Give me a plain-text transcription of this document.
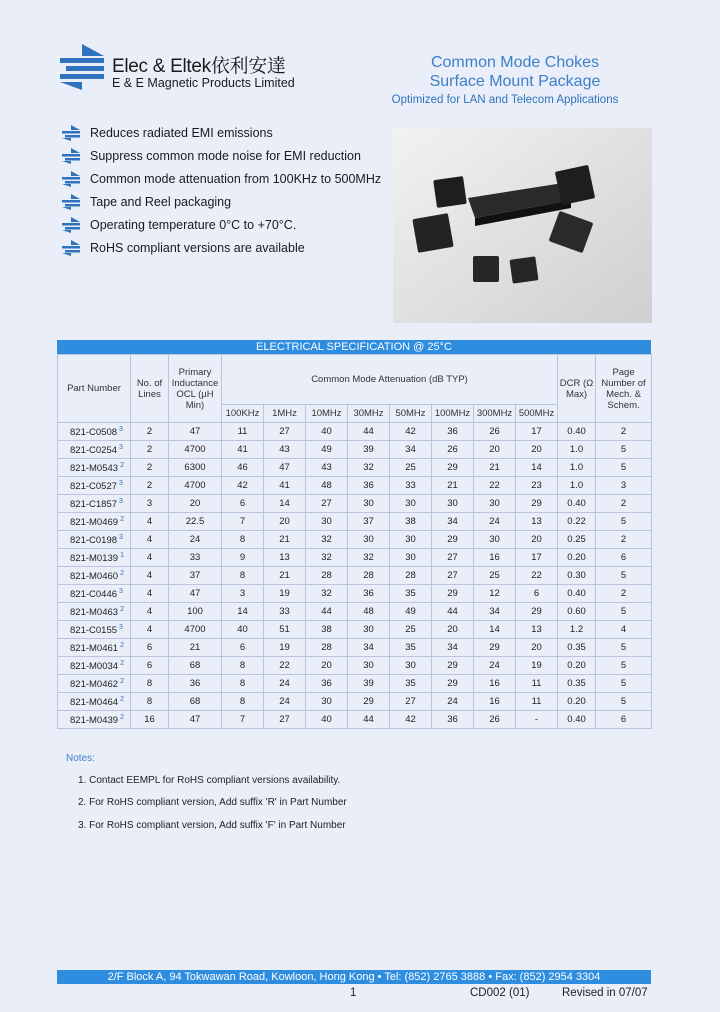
Elec & Eltek依利安達
E & E Magnetic Products Limited
Common Mode Chokes
Surface Mount Package
Optimized for LAN and Telecom Applications
Reduces radiated EMI emissions
Suppress common mode noise for EMI reduction
Common mode attenuation from 100KHz to 500MHz
Tape and Reel packaging
Operating temperature 0°C to +70°C.
RoHS compliant versions are available
ELECTRICAL SPECIFICATION @ 25°C
Part Number	No. of Lines	Primary Inductance OCL (µH Min)	Common Mode Attenuation (dB TYP)								DCR (Ω Max)	Page Number of Mech. & Schem.
			100KHz	1MHz	10MHz	30MHz	50MHz	100MHz	300MHz	500MHz		
821-C0508 $^3$	2	47	11	27	40	44	42	36	26	17	0.40	2
821-C0254 $^3$	2	4700	41	43	49	39	34	26	20	20	1.0	5
821-M0543 $^2$	2	6300	46	47	43	32	25	29	21	14	1.0	5
821-C0527 $^3$	2	4700	42	41	48	36	33	21	22	23	1.0	3
821-C1857 $^3$	3	20	6	14	27	30	30	30	30	29	0.40	2
821-M0469 $^2$	4	22.5	7	20	30	37	38	34	24	13	0.22	5
821-C0198 $^3$	4	24	8	21	32	30	30	29	30	20	0.25	2
821-M0139 $^1$	4	33	9	13	32	32	30	27	16	17	0.20	6
821-M0460 $^2$	4	37	8	21	28	28	28	27	25	22	0.30	5
821-C0446 $^3$	4	47	3	19	32	36	35	29	12	6	0.40	2
821-M0463 $^2$	4	100	14	33	44	48	49	44	34	29	0.60	5
821-C0155 $^3$	4	4700	40	51	38	30	25	20	14	13	1.2	4
821-M0461 $^2$	6	21	6	19	28	34	35	34	29	20	0.35	5
821-M0034 $^2$	6	68	8	22	20	30	30	29	24	19	0.20	5
821-M0462 $^2$	8	36	8	24	36	39	35	29	16	11	0.35	5
821-M0464 $^2$	8	68	8	24	30	29	27	24	16	11	0.20	5
821-M0439 $^2$	16	47	7	27	40	44	42	36	26	-	0.40	6
Notes:
1. Contact EEMPL for RoHS compliant versions availability.
2. For RoHS compliant version, Add suffix 'R' in Part Number
3. For RoHS compliant version, Add suffix 'F' in Part Number
2/F Block A, 94 Tokwawan Road, Kowloon, Hong Kong • Tel: (852) 2765 3888 • Fax: (852) 2954 3304
1	CD002 (01)	Revised in 07/07
